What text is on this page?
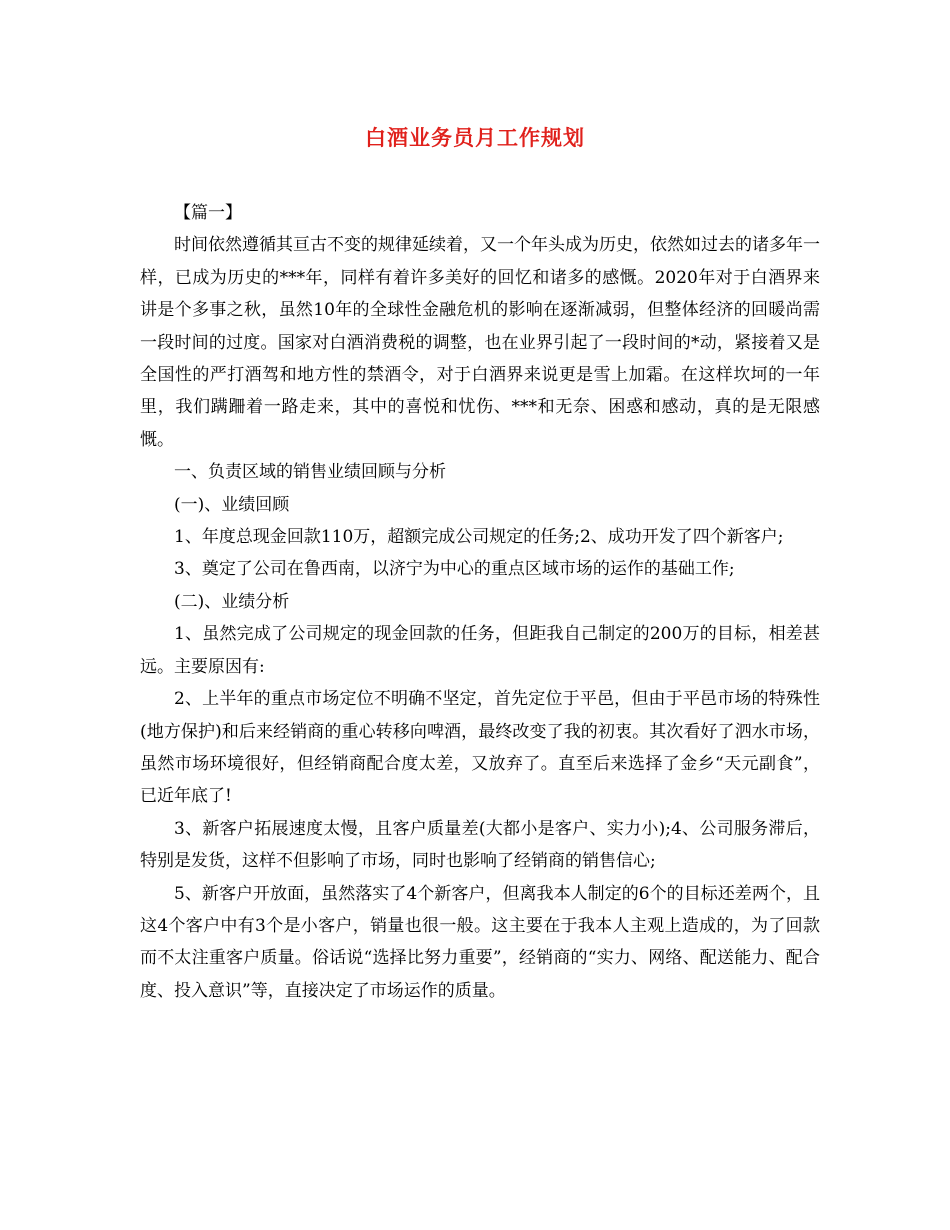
白酒业务员月工作规划

【篇一】

时间依然遵循其亘古不变的规律延续着，又一个年头成为历史，依然如过去的诸多年一样，已成为历史的***年，同样有着许多美好的回忆和诸多的感慨。2020年对于白酒界来讲是个多事之秋，虽然10年的全球性金融危机的影响在逐渐减弱，但整体经济的回暖尚需一段时间的过度。国家对白酒消费税的调整，也在业界引起了一段时间的*动，紧接着又是全国性的严打酒驾和地方性的禁酒令，对于白酒界来说更是雪上加霜。在这样坎坷的一年里，我们蹒跚着一路走来，其中的喜悦和忧伤、***和无奈、困惑和感动，真的是无限感慨。

一、负责区域的销售业绩回顾与分析

(一)、业绩回顾

1、年度总现金回款110万，超额完成公司规定的任务;2、成功开发了四个新客户;

3、奠定了公司在鲁西南，以济宁为中心的重点区域市场的运作的基础工作;

(二)、业绩分析

1、虽然完成了公司规定的现金回款的任务，但距我自己制定的200万的目标，相差甚远。主要原因有:

2、上半年的重点市场定位不明确不坚定，首先定位于平邑，但由于平邑市场的特殊性(地方保护)和后来经销商的重心转移向啤酒，最终改变了我的初衷。其次看好了泗水市场，虽然市场环境很好，但经销商配合度太差，又放弃了。直至后来选择了金乡“天元副食”，已近年底了!

3、新客户拓展速度太慢，且客户质量差(大都小是客户、实力小);4、公司服务滞后，特别是发货，这样不但影响了市场，同时也影响了经销商的销售信心;

5、新客户开放面，虽然落实了4个新客户，但离我本人制定的6个的目标还差两个，且这4个客户中有3个是小客户，销量也很一般。这主要在于我本人主观上造成的，为了回款而不太注重客户质量。俗话说“选择比努力重要”，经销商的“实力、网络、配送能力、配合度、投入意识”等，直接决定了市场运作的质量。
